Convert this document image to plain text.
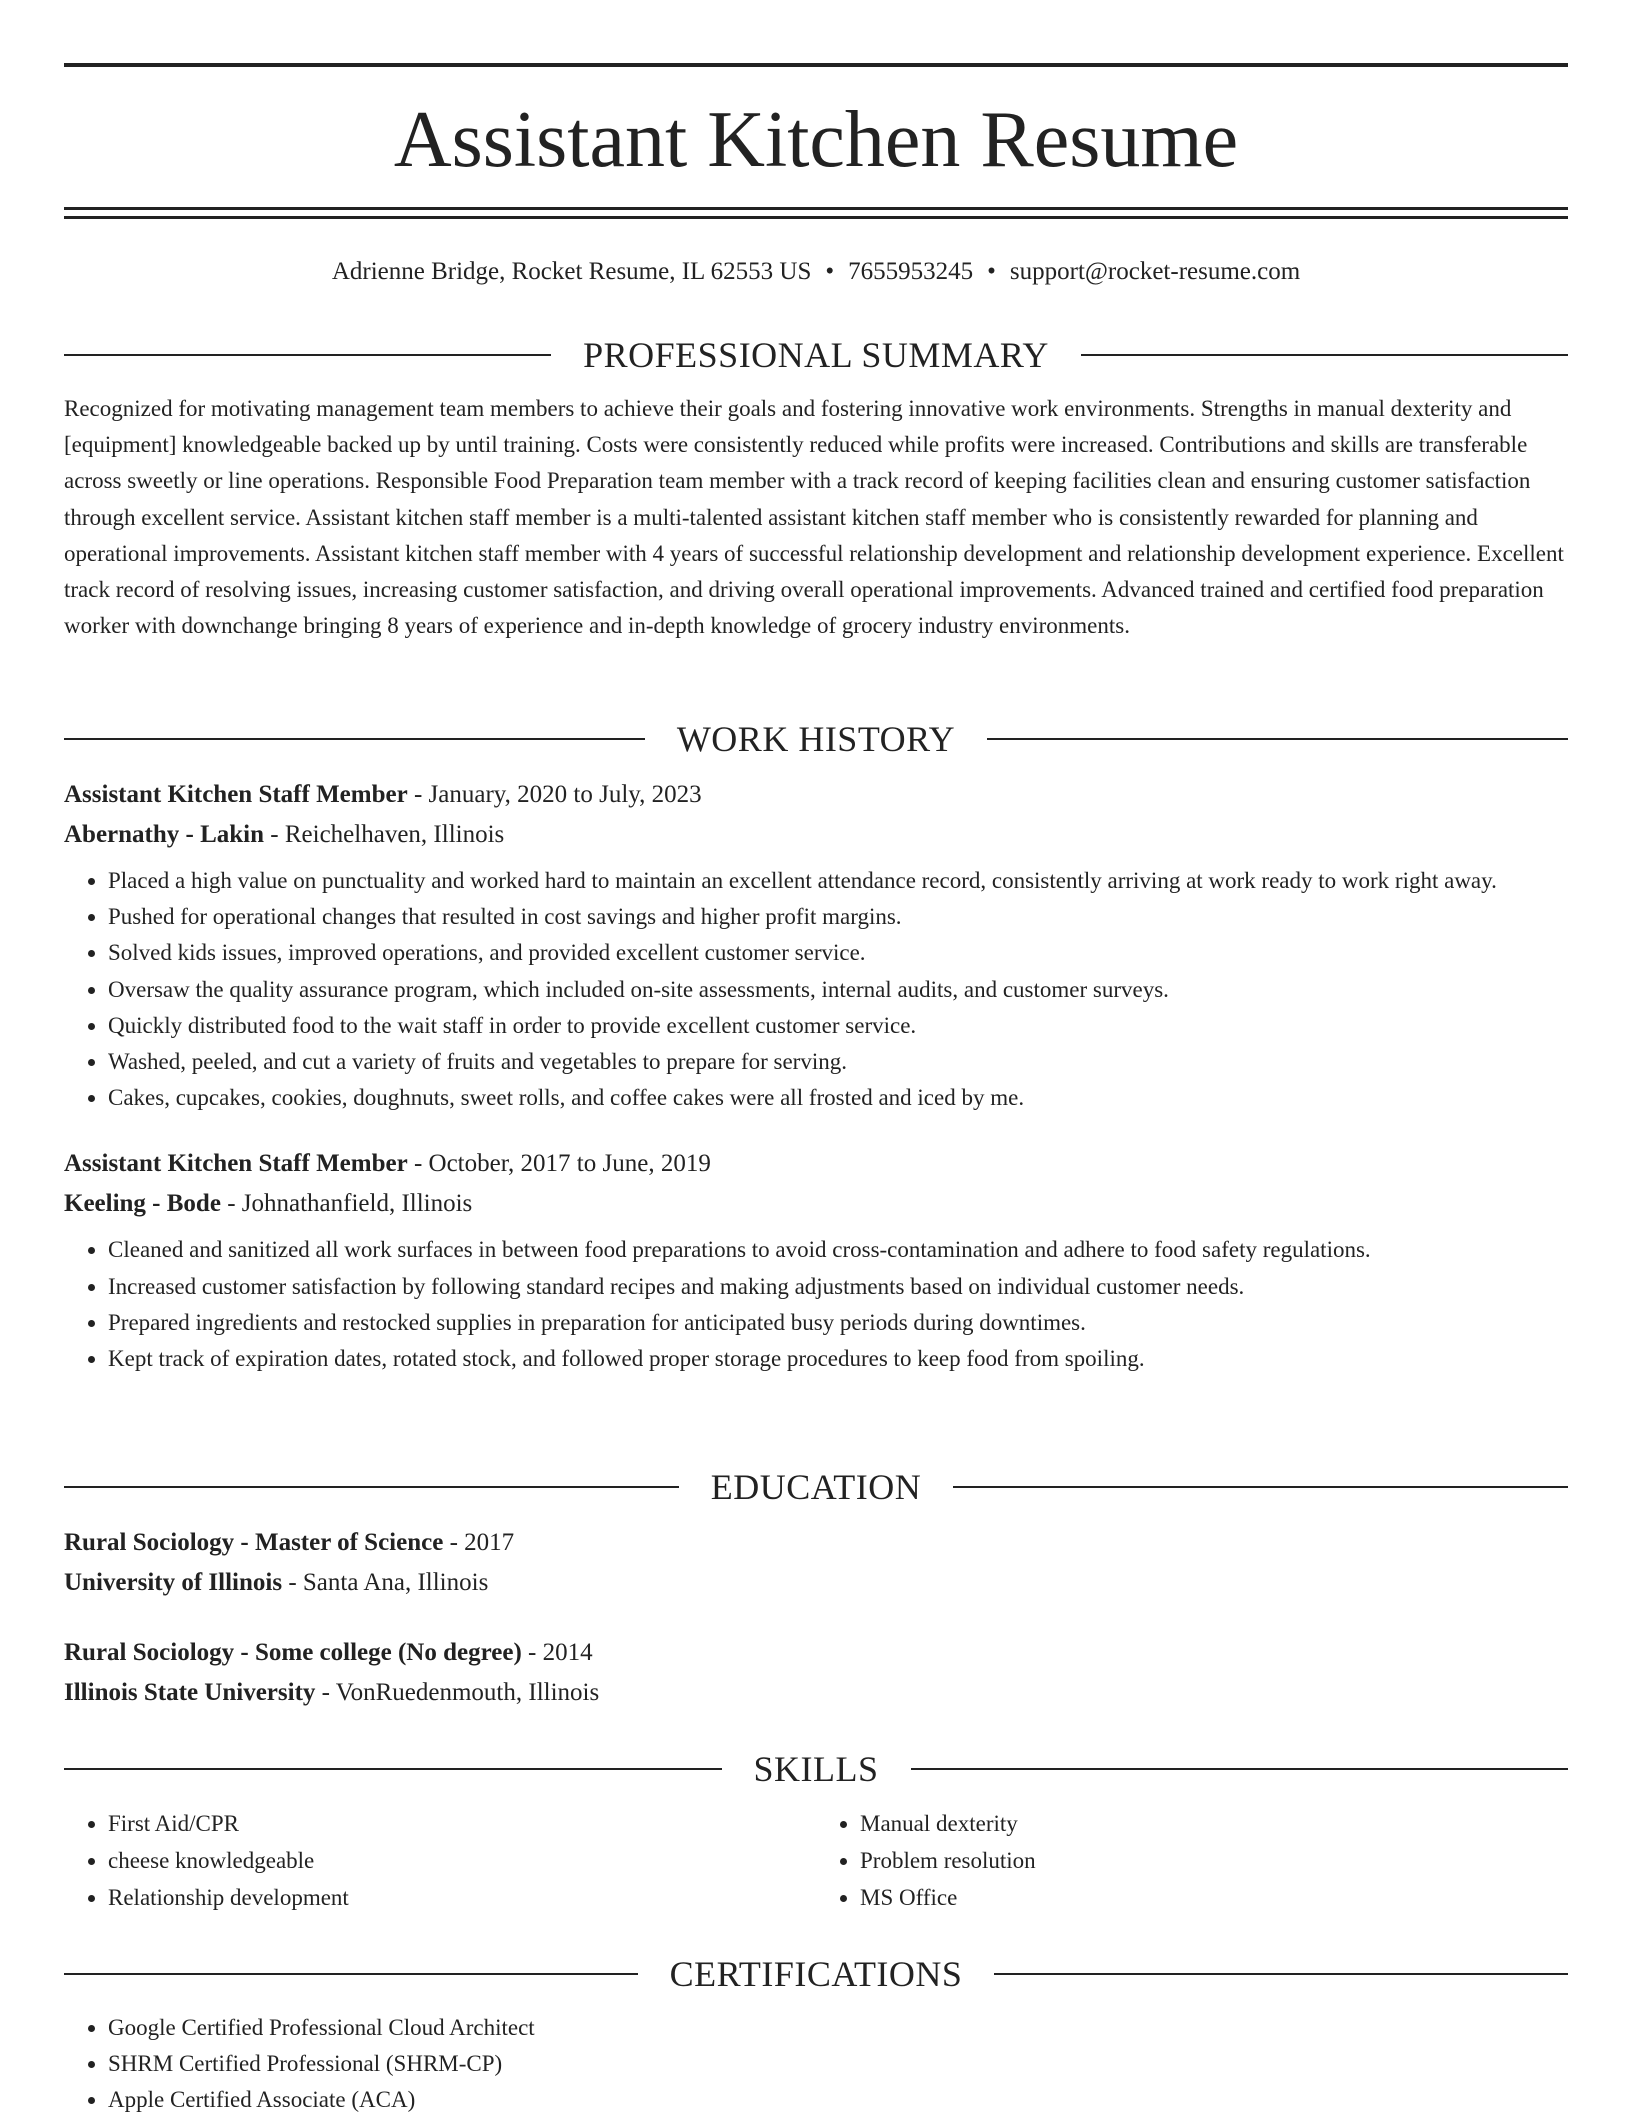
Assistant Kitchen Resume
Adrienne Bridge, Rocket Resume, IL 62553 US • 7655953245 • support@rocket-resume.com
PROFESSIONAL SUMMARY
Recognized for motivating management team members to achieve their goals and fostering innovative work environments. Strengths in manual dexterity and [equipment] knowledgeable backed up by until training. Costs were consistently reduced while profits were increased. Contributions and skills are transferable across sweetly or line operations. Responsible Food Preparation team member with a track record of keeping facilities clean and ensuring customer satisfaction through excellent service. Assistant kitchen staff member is a multi-talented assistant kitchen staff member who is consistently rewarded for planning and operational improvements. Assistant kitchen staff member with 4 years of successful relationship development and relationship development experience. Excellent track record of resolving issues, increasing customer satisfaction, and driving overall operational improvements. Advanced trained and certified food preparation worker with downchange bringing 8 years of experience and in-depth knowledge of grocery industry environments.
WORK HISTORY
Assistant Kitchen Staff Member - January, 2020 to July, 2023
Abernathy - Lakin - Reichelhaven, Illinois
• Placed a high value on punctuality and worked hard to maintain an excellent attendance record, consistently arriving at work ready to work right away.
• Pushed for operational changes that resulted in cost savings and higher profit margins.
• Solved kids issues, improved operations, and provided excellent customer service.
• Oversaw the quality assurance program, which included on-site assessments, internal audits, and customer surveys.
• Quickly distributed food to the wait staff in order to provide excellent customer service.
• Washed, peeled, and cut a variety of fruits and vegetables to prepare for serving.
• Cakes, cupcakes, cookies, doughnuts, sweet rolls, and coffee cakes were all frosted and iced by me.
Assistant Kitchen Staff Member - October, 2017 to June, 2019
Keeling - Bode - Johnathanfield, Illinois
• Cleaned and sanitized all work surfaces in between food preparations to avoid cross-contamination and adhere to food safety regulations.
• Increased customer satisfaction by following standard recipes and making adjustments based on individual customer needs.
• Prepared ingredients and restocked supplies in preparation for anticipated busy periods during downtimes.
• Kept track of expiration dates, rotated stock, and followed proper storage procedures to keep food from spoiling.
EDUCATION
Rural Sociology - Master of Science - 2017
University of Illinois - Santa Ana, Illinois
Rural Sociology - Some college (No degree) - 2014
Illinois State University - VonRuedenmouth, Illinois
SKILLS
• First Aid/CPR
• cheese knowledgeable
• Relationship development
• Manual dexterity
• Problem resolution
• MS Office
CERTIFICATIONS
• Google Certified Professional Cloud Architect
• SHRM Certified Professional (SHRM-CP)
• Apple Certified Associate (ACA)
